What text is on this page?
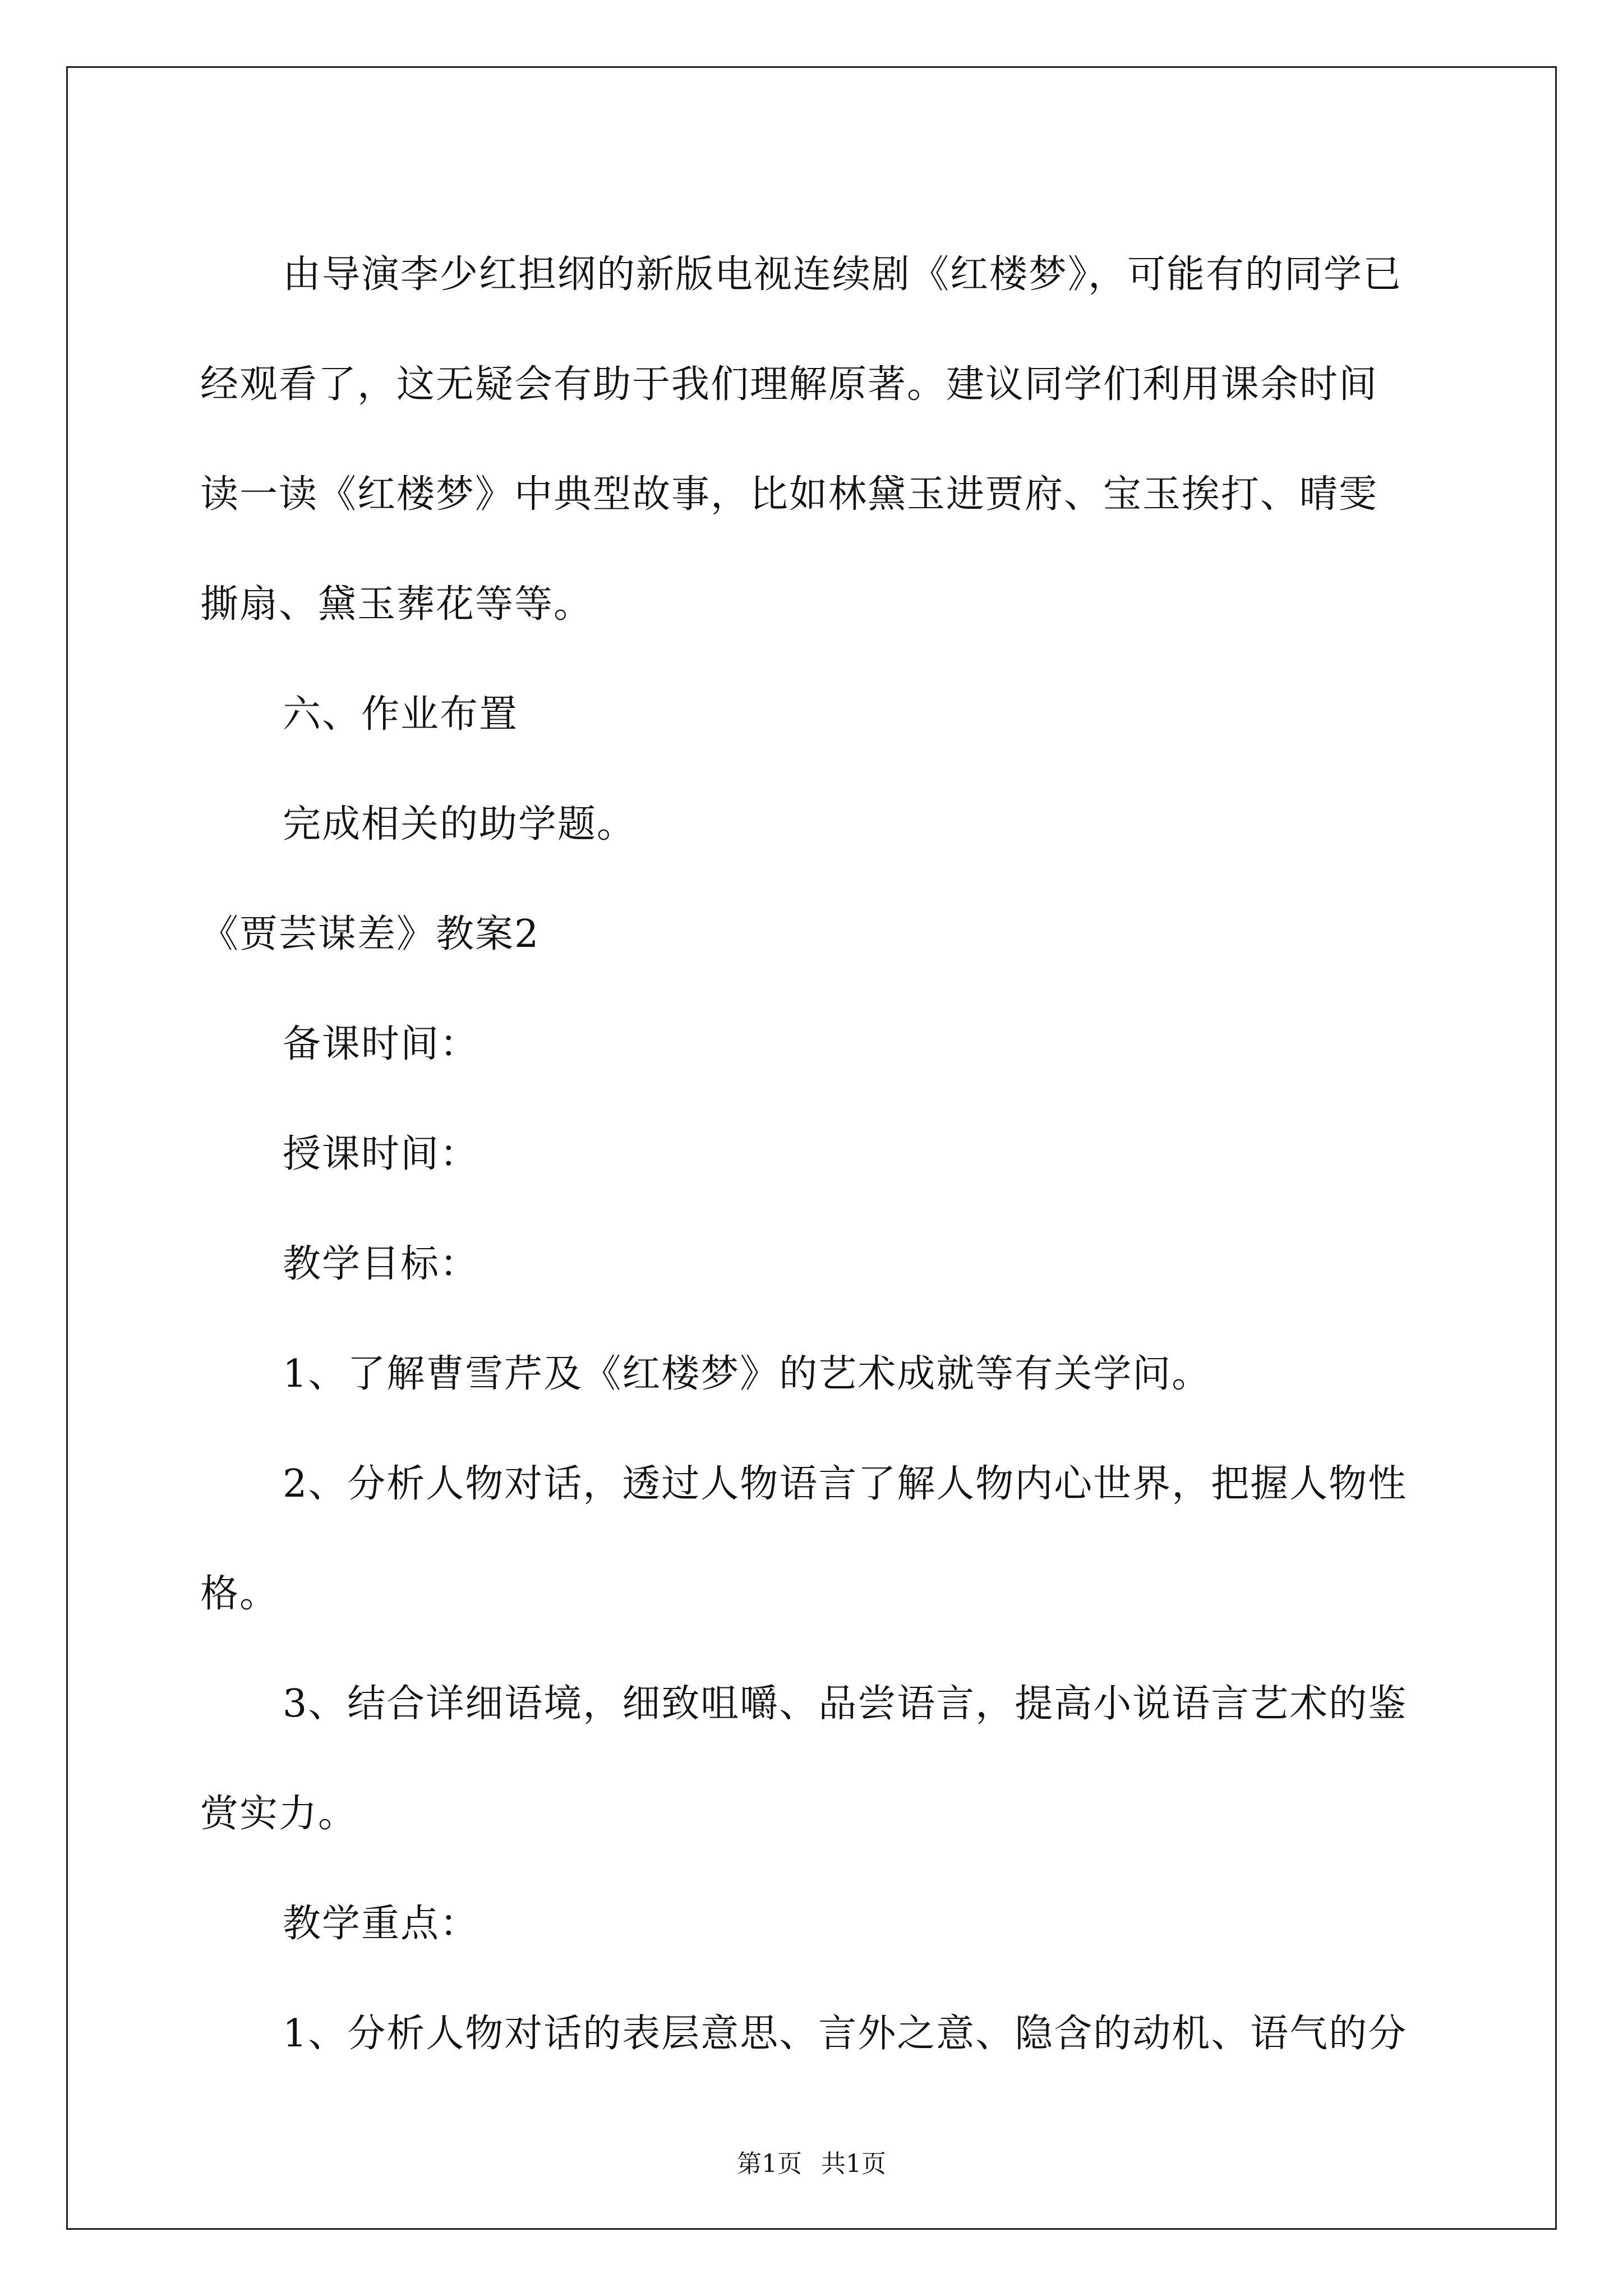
由导演李少红担纲的新版电视连续剧《红楼梦》，可能有的同学已
经观看了，这无疑会有助于我们理解原著。建议同学们利用课余时间
读一读《红楼梦》中典型故事，比如林黛玉进贾府、宝玉挨打、晴雯
撕扇、黛玉葬花等等。
六、作业布置
完成相关的助学题。
《贾芸谋差》教案2
备课时间：
授课时间：
教学目标：
1、了解曹雪芹及《红楼梦》的艺术成就等有关学问。
2、分析人物对话，透过人物语言了解人物内心世界，把握人物性
格。
3、结合详细语境，细致咀嚼、品尝语言，提高小说语言艺术的鉴
赏实力。
教学重点：
1、分析人物对话的表层意思、言外之意、隐含的动机、语气的分
第1页 共1页
